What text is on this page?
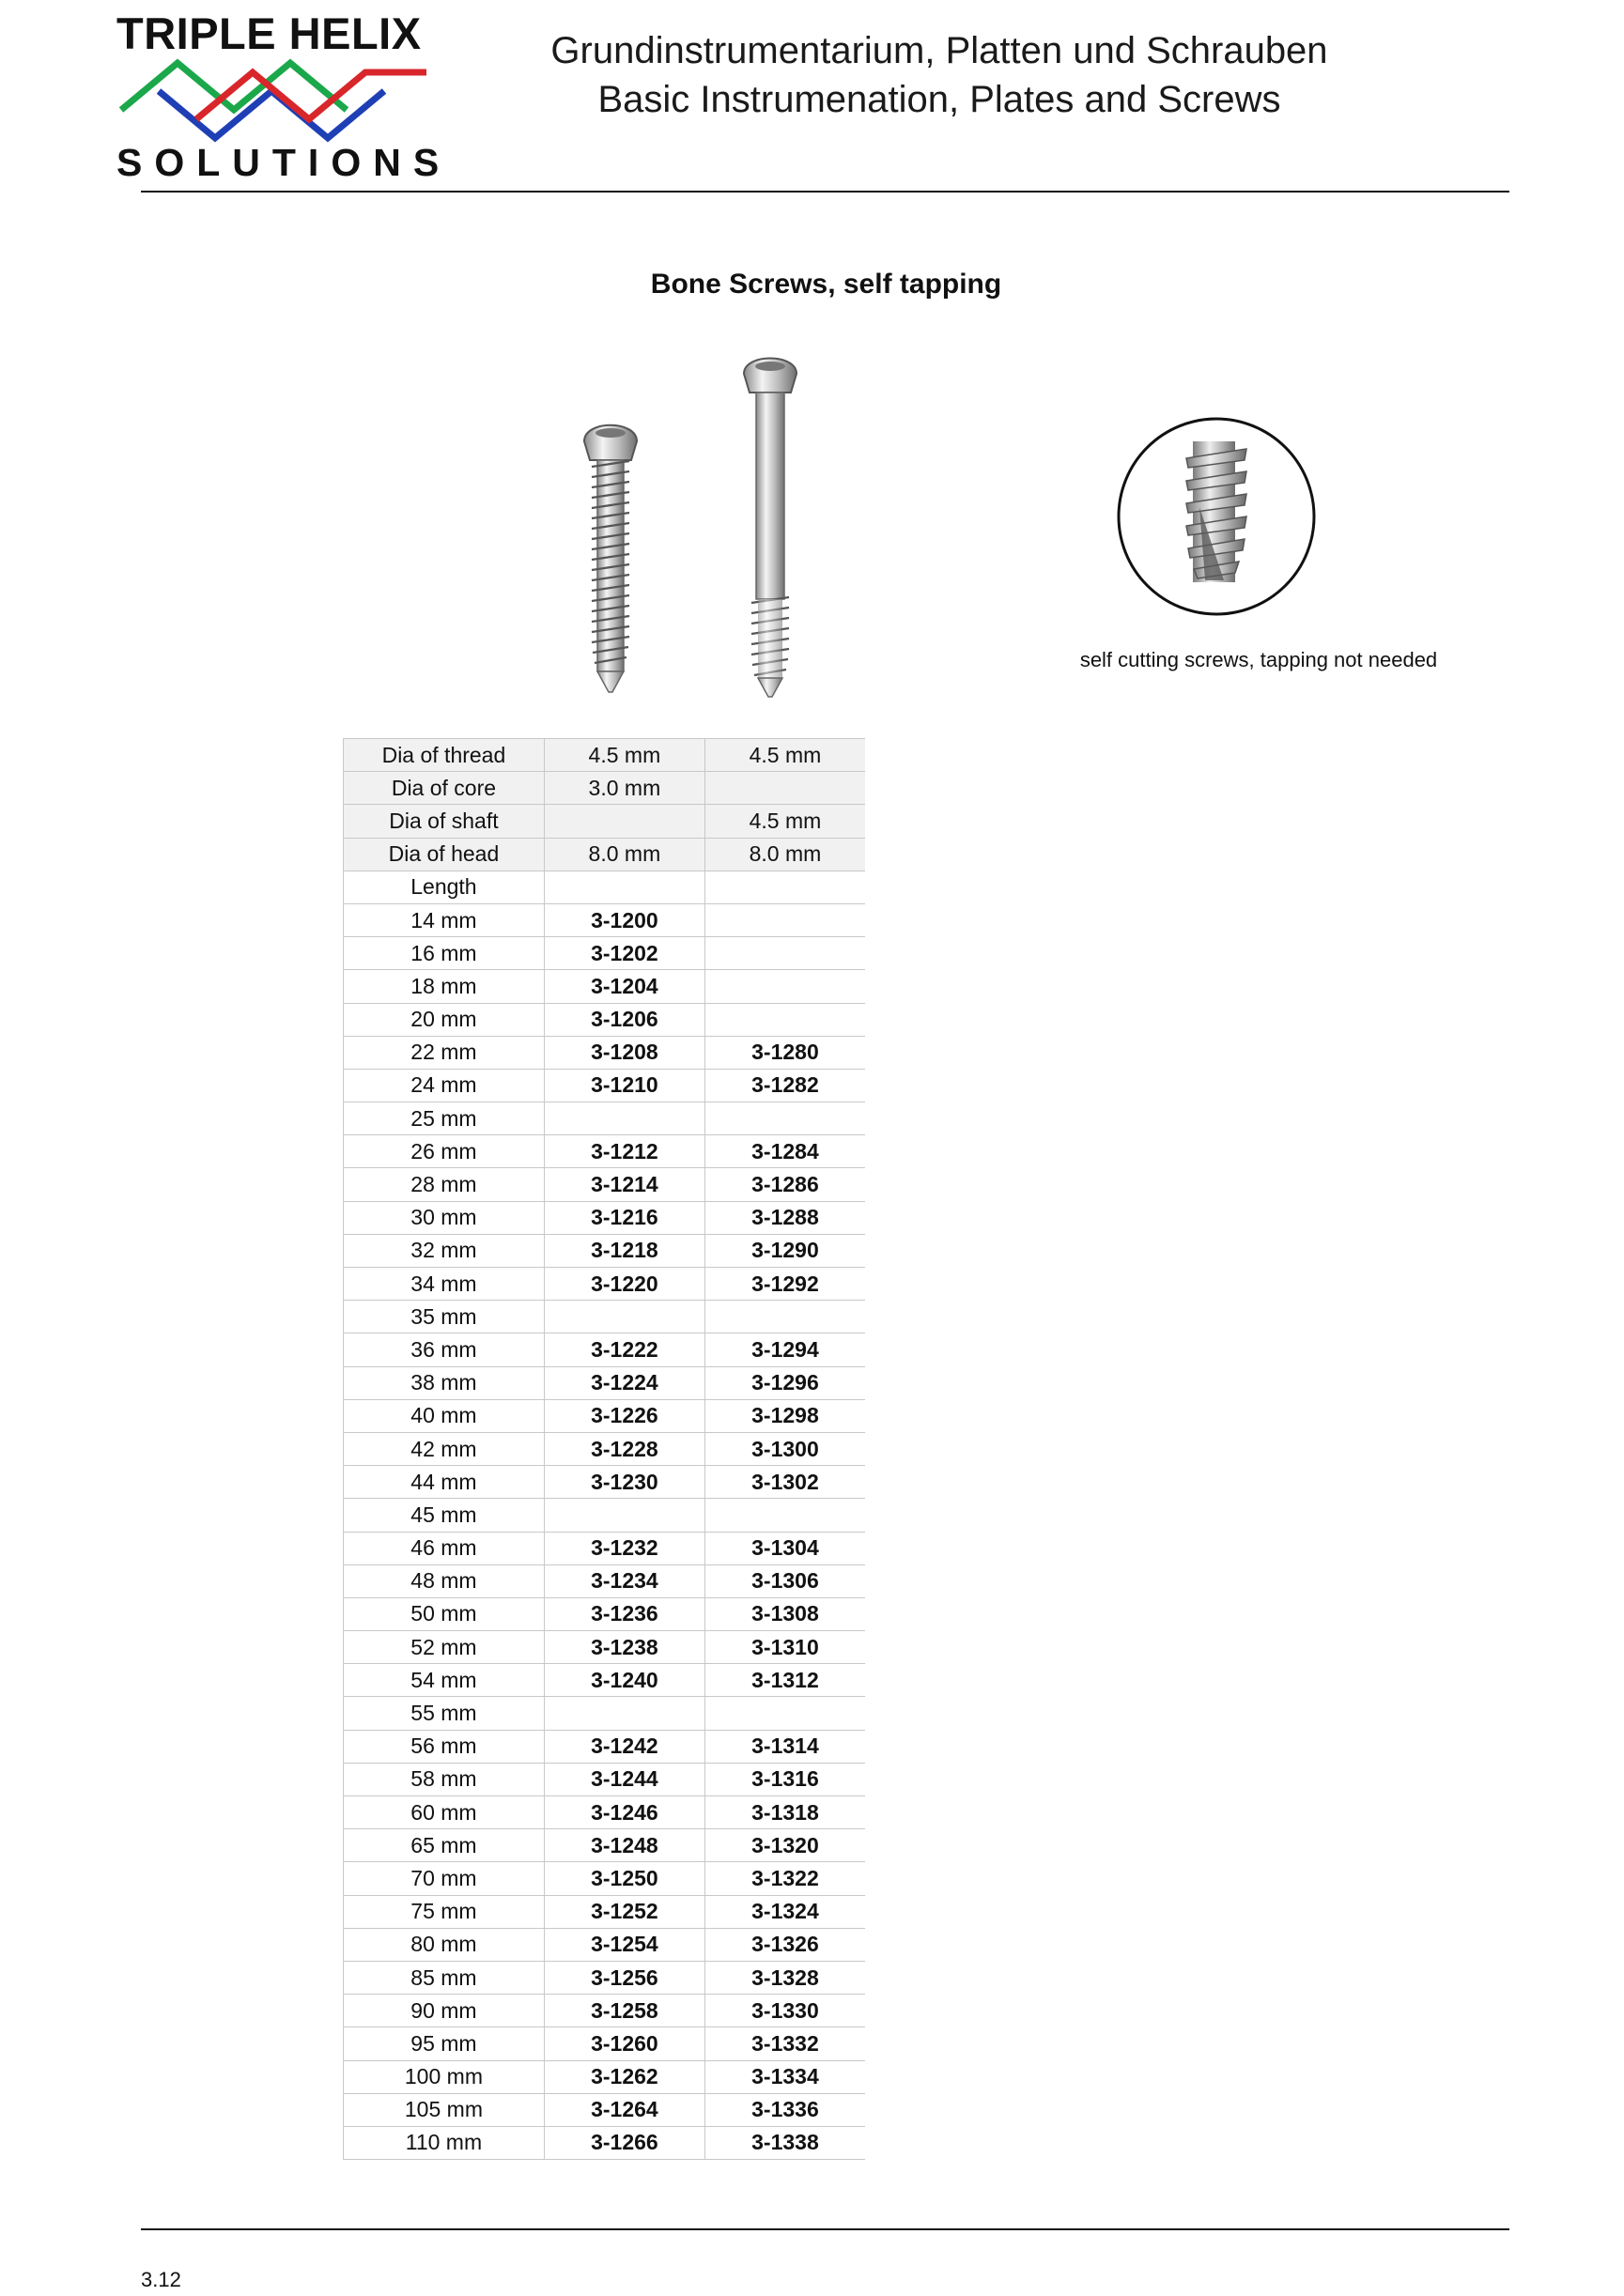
TRIPLE HELIX
SOLUTIONS
Grundinstrumentarium, Platten und Schrauben
Basic Instrumenation, Plates and Screws
Bone Screws, self tapping
self cutting screws, tapping not needed
Dia of thread	4.5 mm	4.5 mm
Dia of core	3.0 mm	
Dia of shaft		4.5 mm
Dia of head	8.0 mm	8.0 mm
Length		
14 mm	3-1200	
16 mm	3-1202	
18 mm	3-1204	
20 mm	3-1206	
22 mm	3-1208	3-1280
24 mm	3-1210	3-1282
25 mm		
26 mm	3-1212	3-1284
28 mm	3-1214	3-1286
30 mm	3-1216	3-1288
32 mm	3-1218	3-1290
34 mm	3-1220	3-1292
35 mm		
36 mm	3-1222	3-1294
38 mm	3-1224	3-1296
40 mm	3-1226	3-1298
42 mm	3-1228	3-1300
44 mm	3-1230	3-1302
45 mm		
46 mm	3-1232	3-1304
48 mm	3-1234	3-1306
50 mm	3-1236	3-1308
52 mm	3-1238	3-1310
54 mm	3-1240	3-1312
55 mm		
56 mm	3-1242	3-1314
58 mm	3-1244	3-1316
60 mm	3-1246	3-1318
65 mm	3-1248	3-1320
70 mm	3-1250	3-1322
75 mm	3-1252	3-1324
80 mm	3-1254	3-1326
85 mm	3-1256	3-1328
90 mm	3-1258	3-1330
95 mm	3-1260	3-1332
100 mm	3-1262	3-1334
105 mm	3-1264	3-1336
110 mm	3-1266	3-1338
3.12
